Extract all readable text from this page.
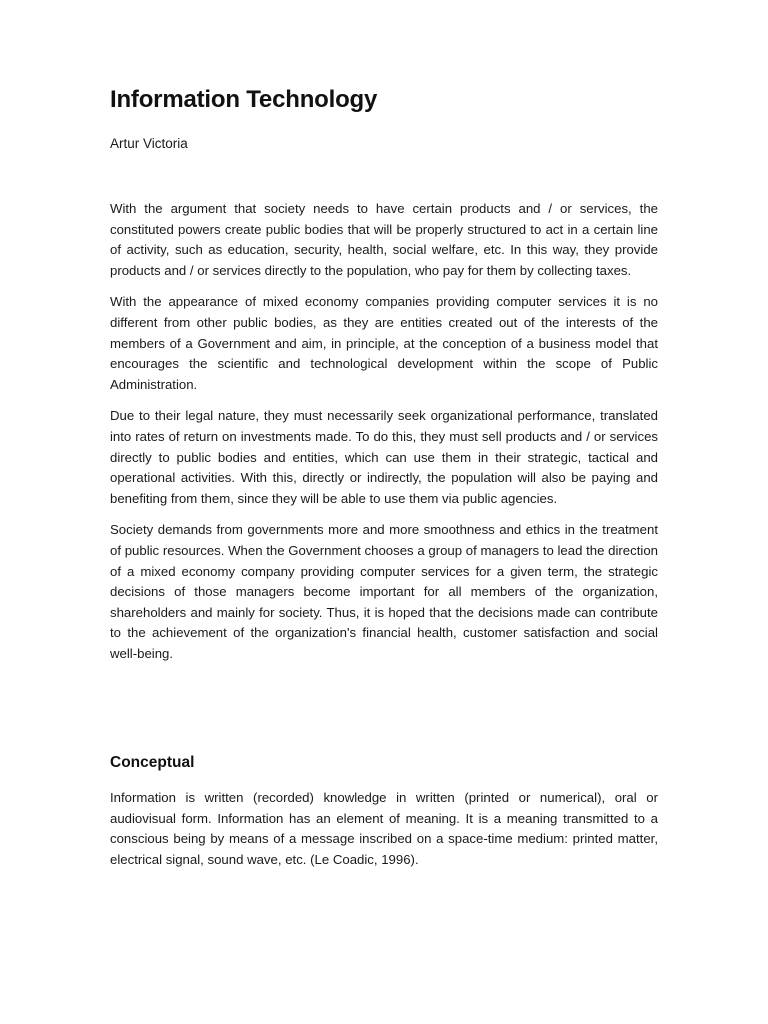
Information Technology
Artur Victoria

With the argument that society needs to have certain products and / or services, the constituted powers create public bodies that will be properly structured to act in a certain line of activity, such as education, security, health, social welfare, etc. In this way, they provide products and / or services directly to the population, who pay for them by collecting taxes.

With the appearance of mixed economy companies providing computer services it is no different from other public bodies, as they are entities created out of the interests of the members of a Government and aim, in principle, at the conception of a business model that encourages the scientific and technological development within the scope of Public Administration.

Due to their legal nature, they must necessarily seek organizational performance, translated into rates of return on investments made. To do this, they must sell products and / or services directly to public bodies and entities, which can use them in their strategic, tactical and operational activities. With this, directly or indirectly, the population will also be paying and benefiting from them, since they will be able to use them via public agencies.

Society demands from governments more and more smoothness and ethics in the treatment of public resources. When the Government chooses a group of managers to lead the direction of a mixed economy company providing computer services for a given term, the strategic decisions of those managers become important for all members of the organization, shareholders and mainly for society. Thus, it is hoped that the decisions made can contribute to the achievement of the organization's financial health, customer satisfaction and social well-being.

Conceptual

Information is written (recorded) knowledge in written (printed or numerical), oral or audiovisual form. Information has an element of meaning. It is a meaning transmitted to a conscious being by means of a message inscribed on a space-time medium: printed matter, electrical signal, sound wave, etc. (Le Coadic, 1996).
